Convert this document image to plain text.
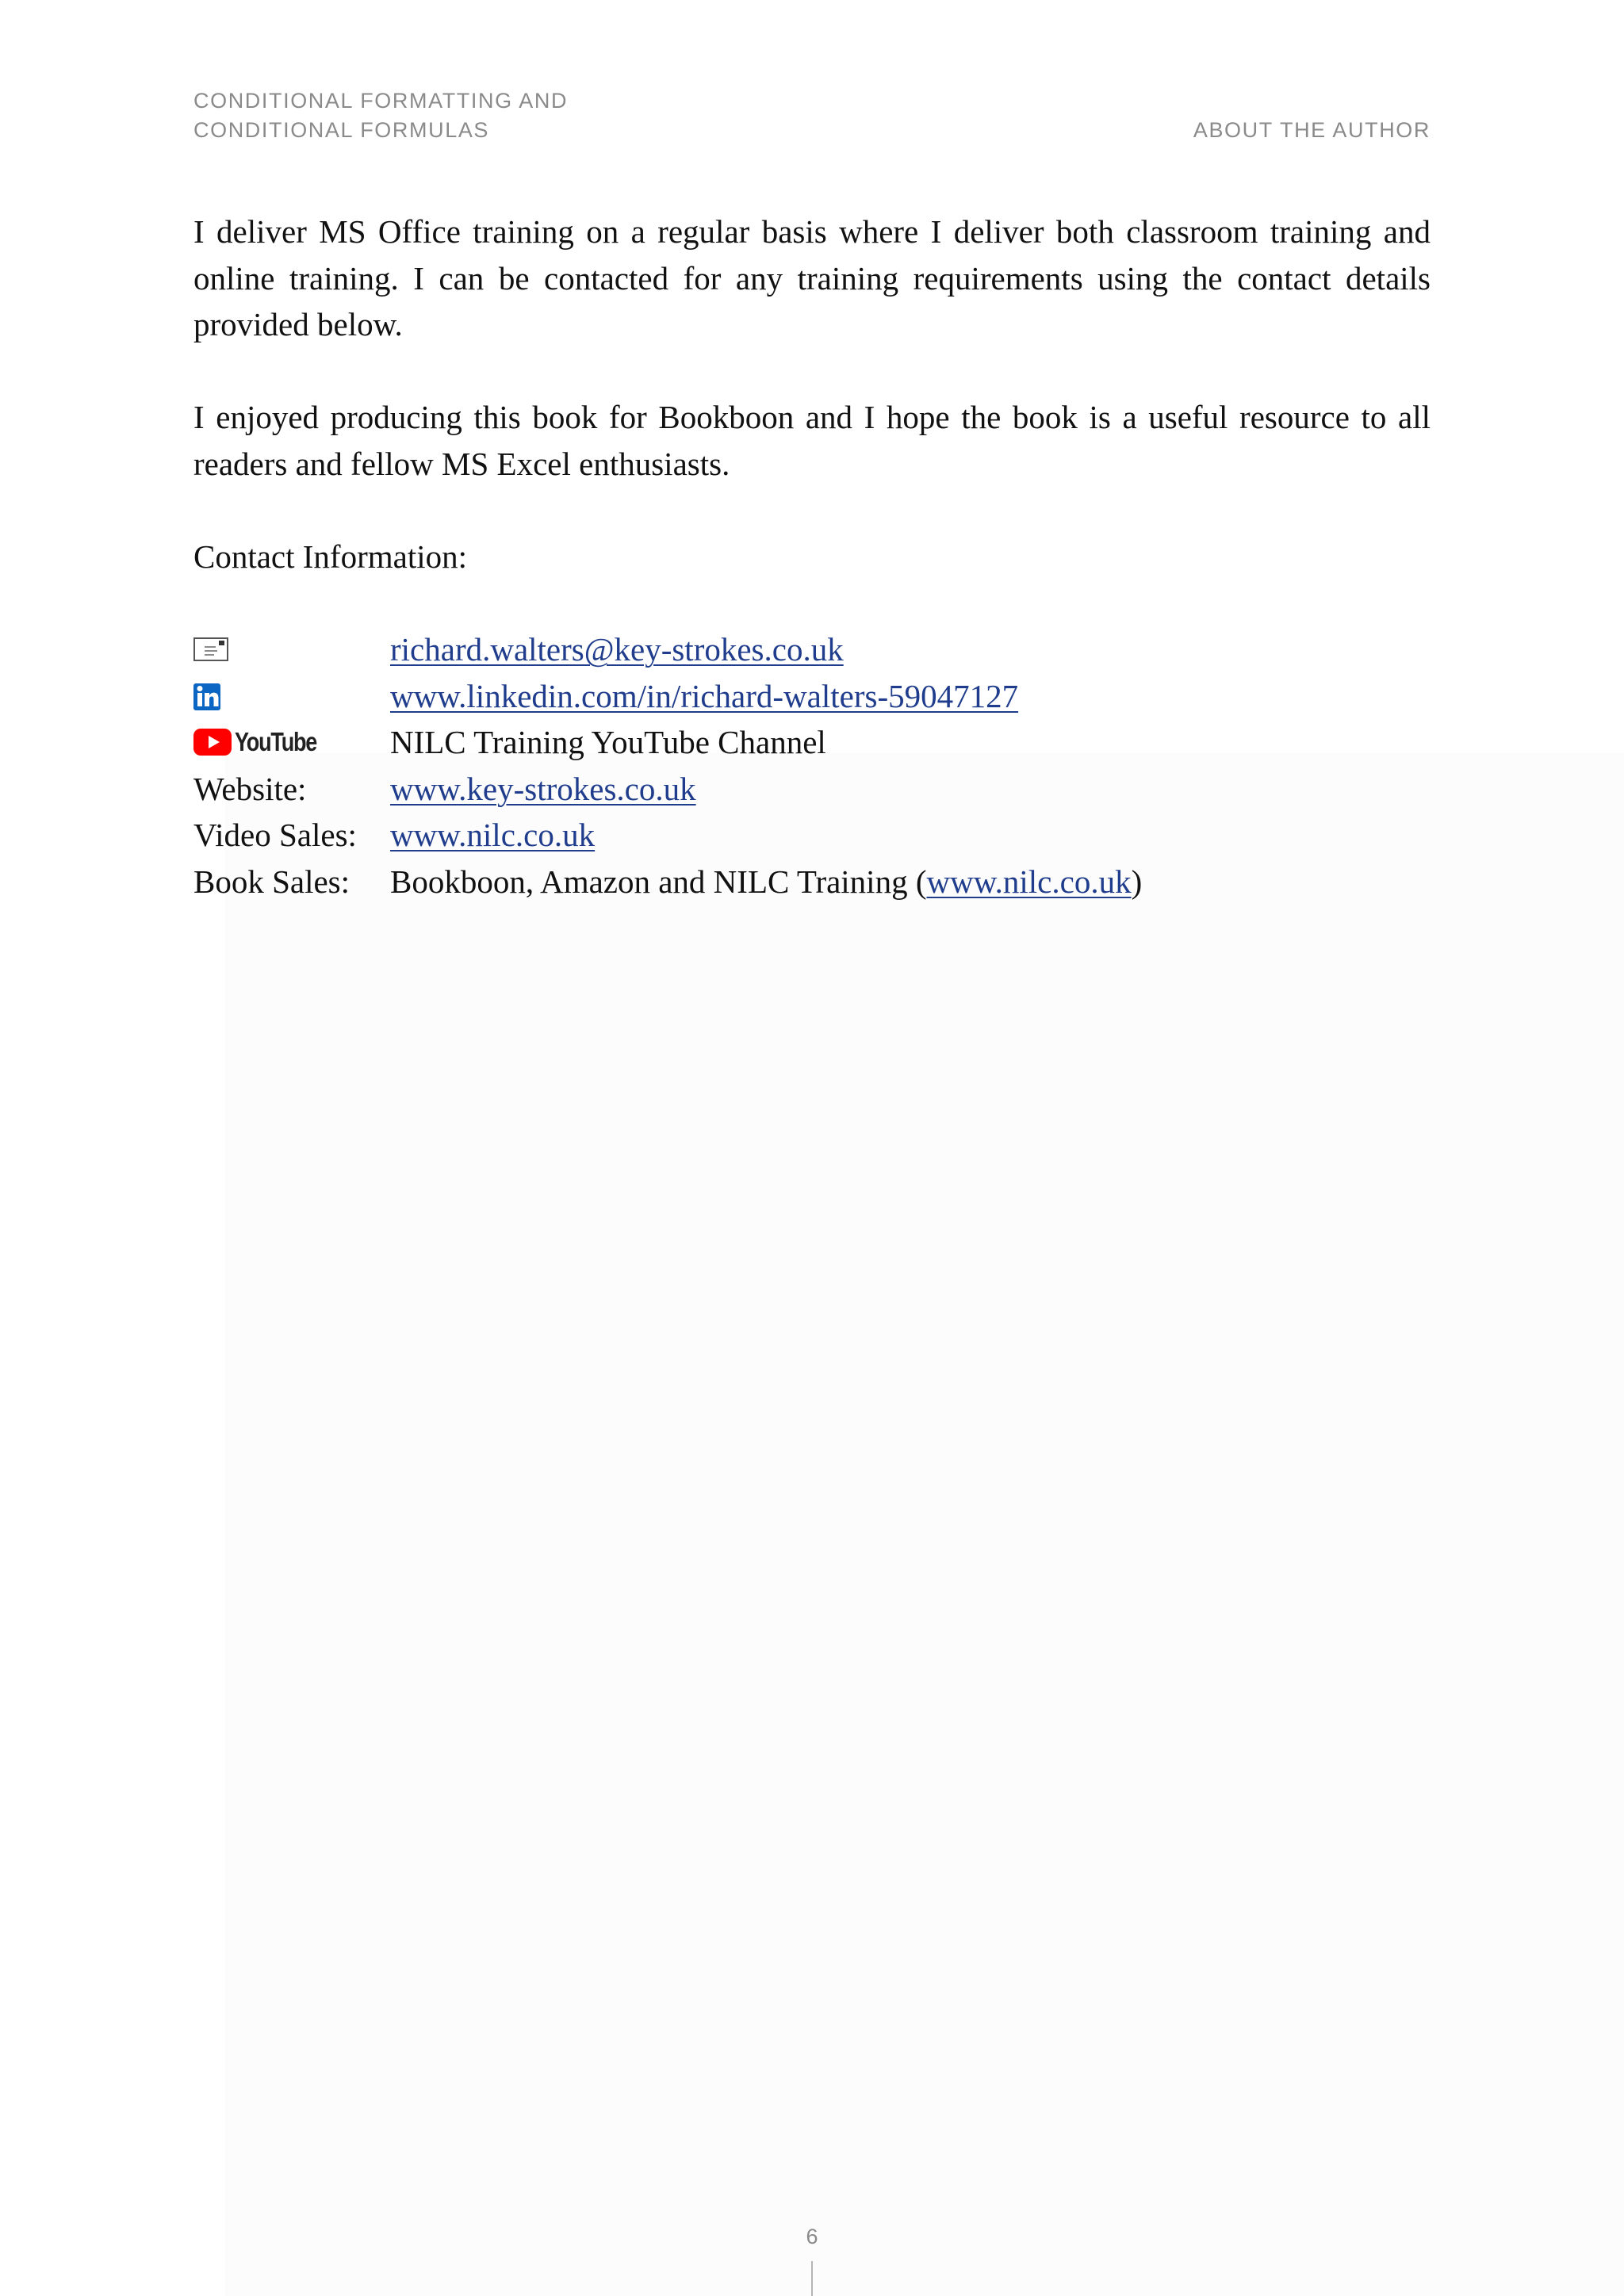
CONDITIONAL FORMATTING AND
CONDITIONAL FORMULAS	ABOUT THE AUTHOR

I deliver MS Office training on a regular basis where I deliver both classroom training and online training. I can be contacted for any training requirements using the contact details provided below.

I enjoyed producing this book for Bookboon and I hope the book is a useful resource to all readers and fellow MS Excel enthusiasts.

Contact Information:

richard.walters@key-strokes.co.uk
www.linkedin.com/in/richard-walters-59047127
YouTube NILC Training YouTube Channel
Website:	www.key-strokes.co.uk
Video Sales:	www.nilc.co.uk
Book Sales:	Bookboon, Amazon and NILC Training (www.nilc.co.uk)
6
